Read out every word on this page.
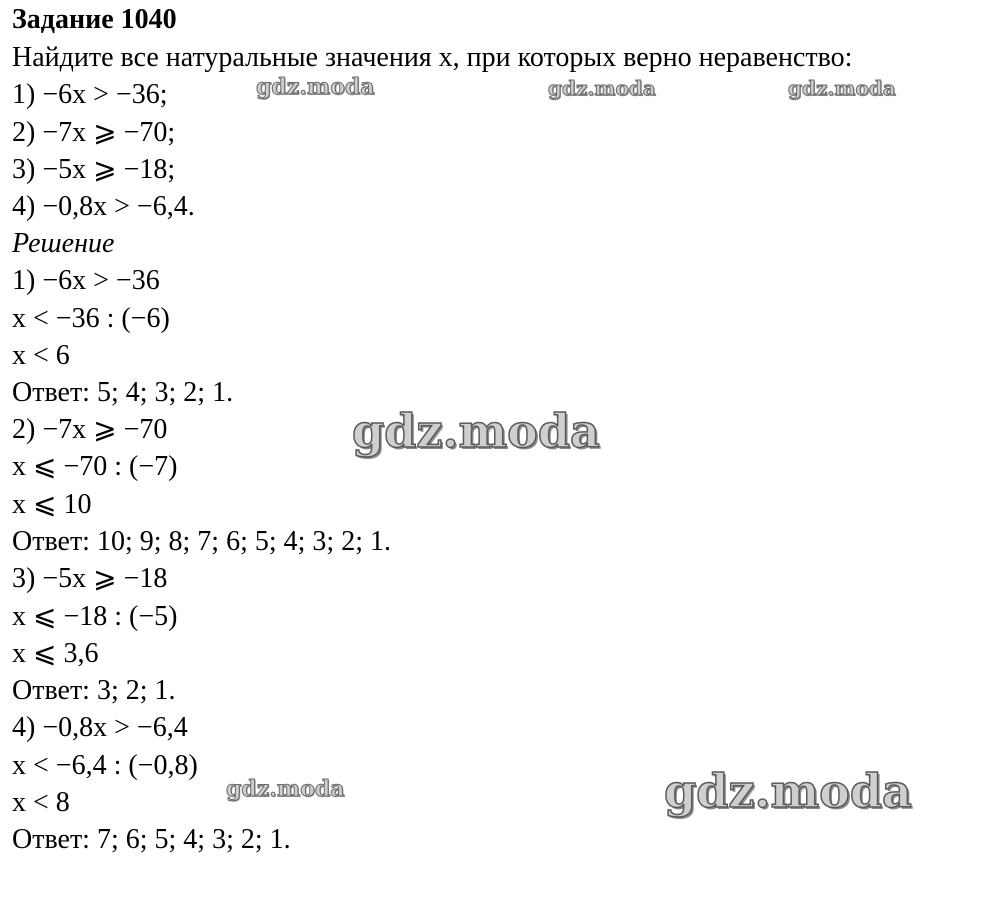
Задание 1040
Найдите все натуральные значения x, при которых верно неравенство:
1) −6x > −36;
2) −7x ⩾ −70;
3) −5x ⩾ −18;
4) −0,8x > −6,4.
Решение
1) −6x > −36
x < −36 : (−6)
x < 6
Ответ: 5; 4; 3; 2; 1.
2) −7x ⩾ −70
x ⩽ −70 : (−7)
x ⩽ 10
Ответ: 10; 9; 8; 7; 6; 5; 4; 3; 2; 1.
3) −5x ⩾ −18
x ⩽ −18 : (−5)
x ⩽ 3,6
Ответ: 3; 2; 1.
4) −0,8x > −6,4
x < −6,4 : (−0,8)
x < 8
Ответ: 7; 6; 5; 4; 3; 2; 1.
gdz.moda	gdz.moda	gdz.moda
gdz.moda
gdz.moda	gdz.moda
